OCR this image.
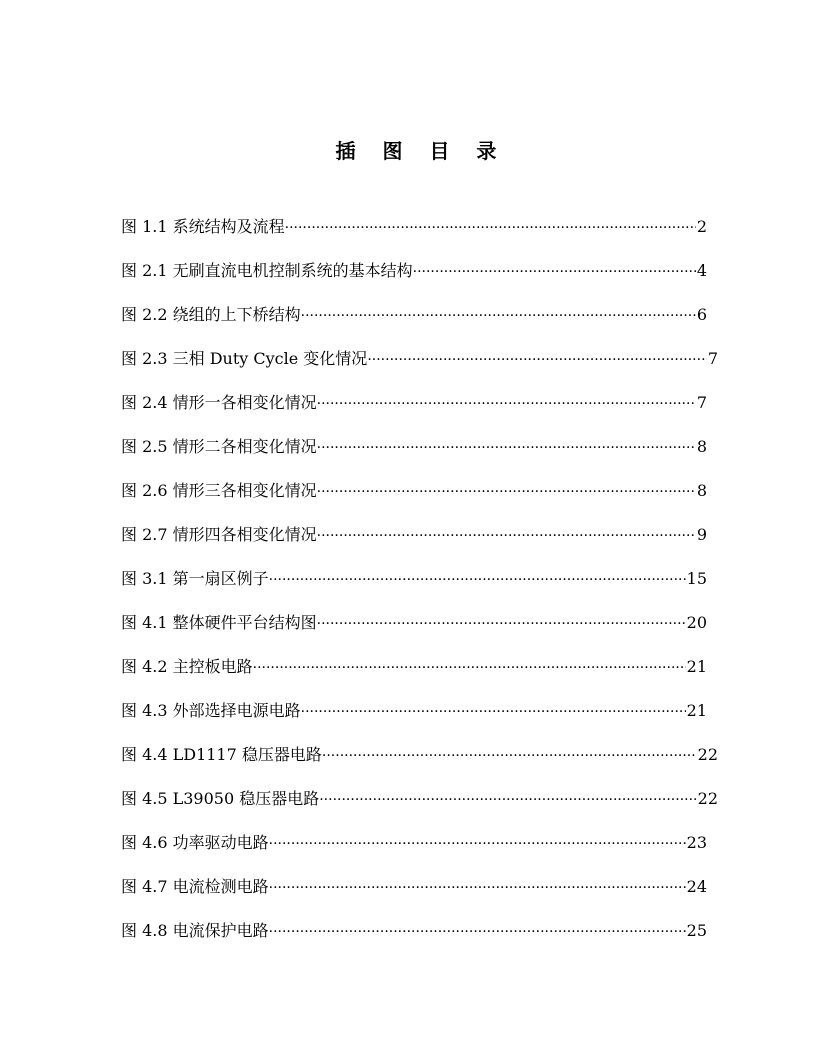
插 图 目 录
图 1.1 系统结构及流程 ·····	2
图 2.1 无刷直流电机控制系统的基本结构 ·····	4
图 2.2 绕组的上下桥结构 ·····	6
图 2.3 三相 Duty Cycle 变化情况 ·····	7
图 2.4 情形一各相变化情况 ·····	7
图 2.5 情形二各相变化情况 ·····	8
图 2.6 情形三各相变化情况 ·····	8
图 2.7 情形四各相变化情况 ·····	9
图 3.1 第一扇区例子 ·····	15
图 4.1 整体硬件平台结构图 ·····	20
图 4.2 主控板电路 ·····	21
图 4.3 外部选择电源电路 ·····	21
图 4.4 LD1117 稳压器电路 ·····	22
图 4.5 L39050 稳压器电路 ·····	22
图 4.6 功率驱动电路 ·····	23
图 4.7 电流检测电路 ·····	24
图 4.8 电流保护电路 ·····	25
